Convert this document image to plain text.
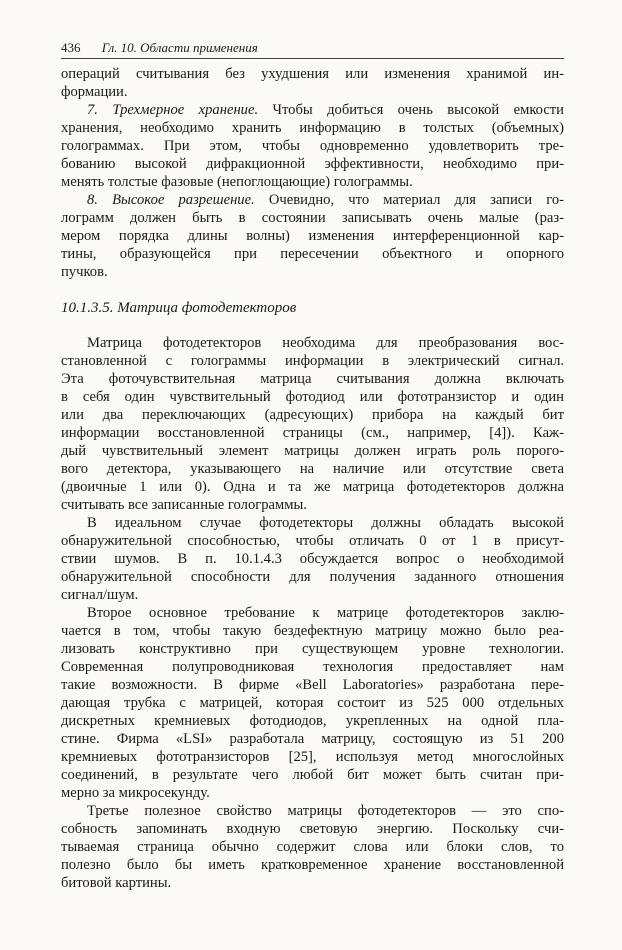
436 Гл. 10. Области применения
операций считывания без ухудшения или изменения хранимой ин-
формации.
7. Трехмерное хранение. Чтобы добиться очень высокой емкости
хранения, необходимо хранить информацию в толстых (объемных)
голограммах. При этом, чтобы одновременно удовлетворить тре-
бованию высокой дифракционной эффективности, необходимо при-
менять толстые фазовые (непоглощающие) голограммы.
8. Высокое разрешение. Очевидно, что материал для записи го-
лограмм должен быть в состоянии записывать очень малые (раз-
мером порядка длины волны) изменения интерференционной кар-
тины, образующейся при пересечении объектного и опорного
пучков.
10.1.3.5. Матрица фотодетекторов
Матрица фотодетекторов необходима для преобразования вос-
становленной с голограммы информации в электрический сигнал.
Эта фоточувствительная матрица считывания должна включать
в себя один чувствительный фотодиод или фототранзистор и один
или два переключающих (адресующих) прибора на каждый бит
информации восстановленной страницы (см., например, [4]). Каж-
дый чувствительный элемент матрицы должен играть роль порого-
вого детектора, указывающего на наличие или отсутствие света
(двоичные 1 или 0). Одна и та же матрица фотодетекторов должна
считывать все записанные голограммы.
В идеальном случае фотодетекторы должны обладать высокой
обнаружительной способностью, чтобы отличать 0 от 1 в присут-
ствии шумов. В п. 10.1.4.3 обсуждается вопрос о необходимой
обнаружительной способности для получения заданного отношения
сигнал/шум.
Второе основное требование к матрице фотодетекторов заклю-
чается в том, чтобы такую бездефектную матрицу можно было реа-
лизовать конструктивно при существующем уровне технологии.
Современная полупроводниковая технология предоставляет нам
такие возможности. В фирме «Bell Laboratories» разработана пере-
дающая трубка с матрицей, которая состоит из 525 000 отдельных
дискретных кремниевых фотодиодов, укрепленных на одной пла-
стине. Фирма «LSI» разработала матрицу, состоящую из 51 200
кремниевых фототранзисторов [25], используя метод многослойных
соединений, в результате чего любой бит может быть считан при-
мерно за микросекунду.
Третье полезное свойство матрицы фотодетекторов — это спо-
собность запоминать входную световую энергию. Поскольку счи-
тываемая страница обычно содержит слова или блоки слов, то
полезно было бы иметь кратковременное хранение восстановленной
битовой картины.
